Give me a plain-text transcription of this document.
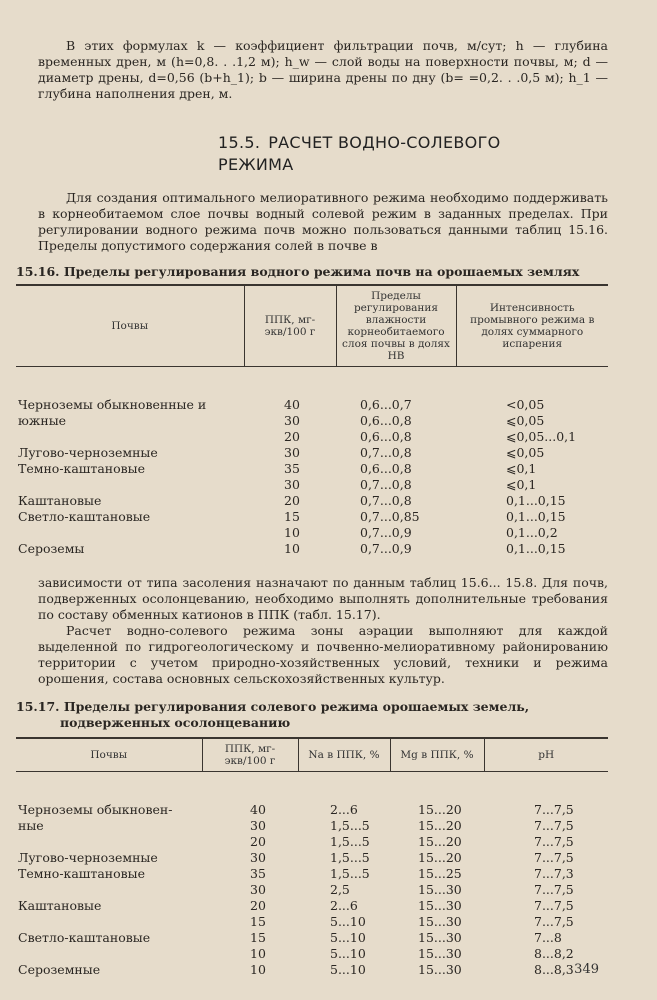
В этих формулах k — коэффициент фильтрации почв, м/сут; h — глубина временных дрен, м (h=0,8. . .1,2 м); h_w — слой воды на поверхности почвы, м; d — диаметр дрены, d=0,56 (b+h_1); b — ширина дрены по дну (b= =0,2. . .0,5 м); h_1 — глубина наполнения дрен, м.

15.5. РАСЧЕТ ВОДНО-СОЛЕВОГО РЕЖИМА

Для создания оптимального мелиоративного режима необходимо поддерживать в корнеобитаемом слое почвы водный солевой режим в заданных пределах. При регулировании водного режима почв можно пользоваться данными таблиц 15.16. Пределы допустимого содержания солей в почве в

15.16. Пределы регулирования водного режима почв на орошаемых землях
Почвы	ППК, мг-экв/100 г	Пределы регулирования влажности корнеобитаемого слоя почвы в долях НВ	Интенсивность промывного режима в долях суммарного испарения
Черноземы обыкновенные и	40	0,6...0,7	<0,05
южные	30	0,6...0,8	⩽0,05
	20	0,6...0,8	⩽0,05...0,1
Лугово-черноземные	30	0,7...0,8	⩽0,05
Темно-каштановые	35	0,6...0,8	⩽0,1
	30	0,7...0,8	⩽0,1
Каштановые	20	0,7...0,8	0,1...0,15
Светло-каштановые	15	0,7...0,85	0,1...0,15
	10	0,7...0,9	0,1...0,2
Сероземы	10	0,7...0,9	0,1...0,15

зависимости от типа засоления назначают по данным таблиц 15.6... 15.8. Для почв, подверженных осолонцеванию, необходимо выполнять дополнительные требования по составу обменных катионов в ППК (табл. 15.17).

Расчет водно-солевого режима зоны аэрации выполняют для каждой выделенной по гидрогеологическому и почвенно-мелиоративному районированию территории с учетом природно-хозяйственных условий, техники и режима орошения, состава основных сельскохозяйственных культур.

15.17. Пределы регулирования солевого режима орошаемых земель,
подверженных осолонцеванию
Почвы	ППК, мг-экв/100 г	Na в ППК, %	Mg в ППК, %	pH
Черноземы обыкновен-	40	2...6	15...20	7...7,5
ные	30	1,5...5	15...20	7...7,5
	20	1,5...5	15...20	7...7,5
Лугово-черноземные	30	1,5...5	15...20	7...7,5
Темно-каштановые	35	1,5...5	15...25	7...7,3
	30	2,5	15...30	7...7,5
Каштановые	20	2...6	15...30	7...7,5
	15	5...10	15...30	7...7,5
Светло-каштановые	15	5...10	15...30	7...8
	10	5...10	15...30	8...8,2
Сероземные	10	5...10	15...30	8...8,3 349
